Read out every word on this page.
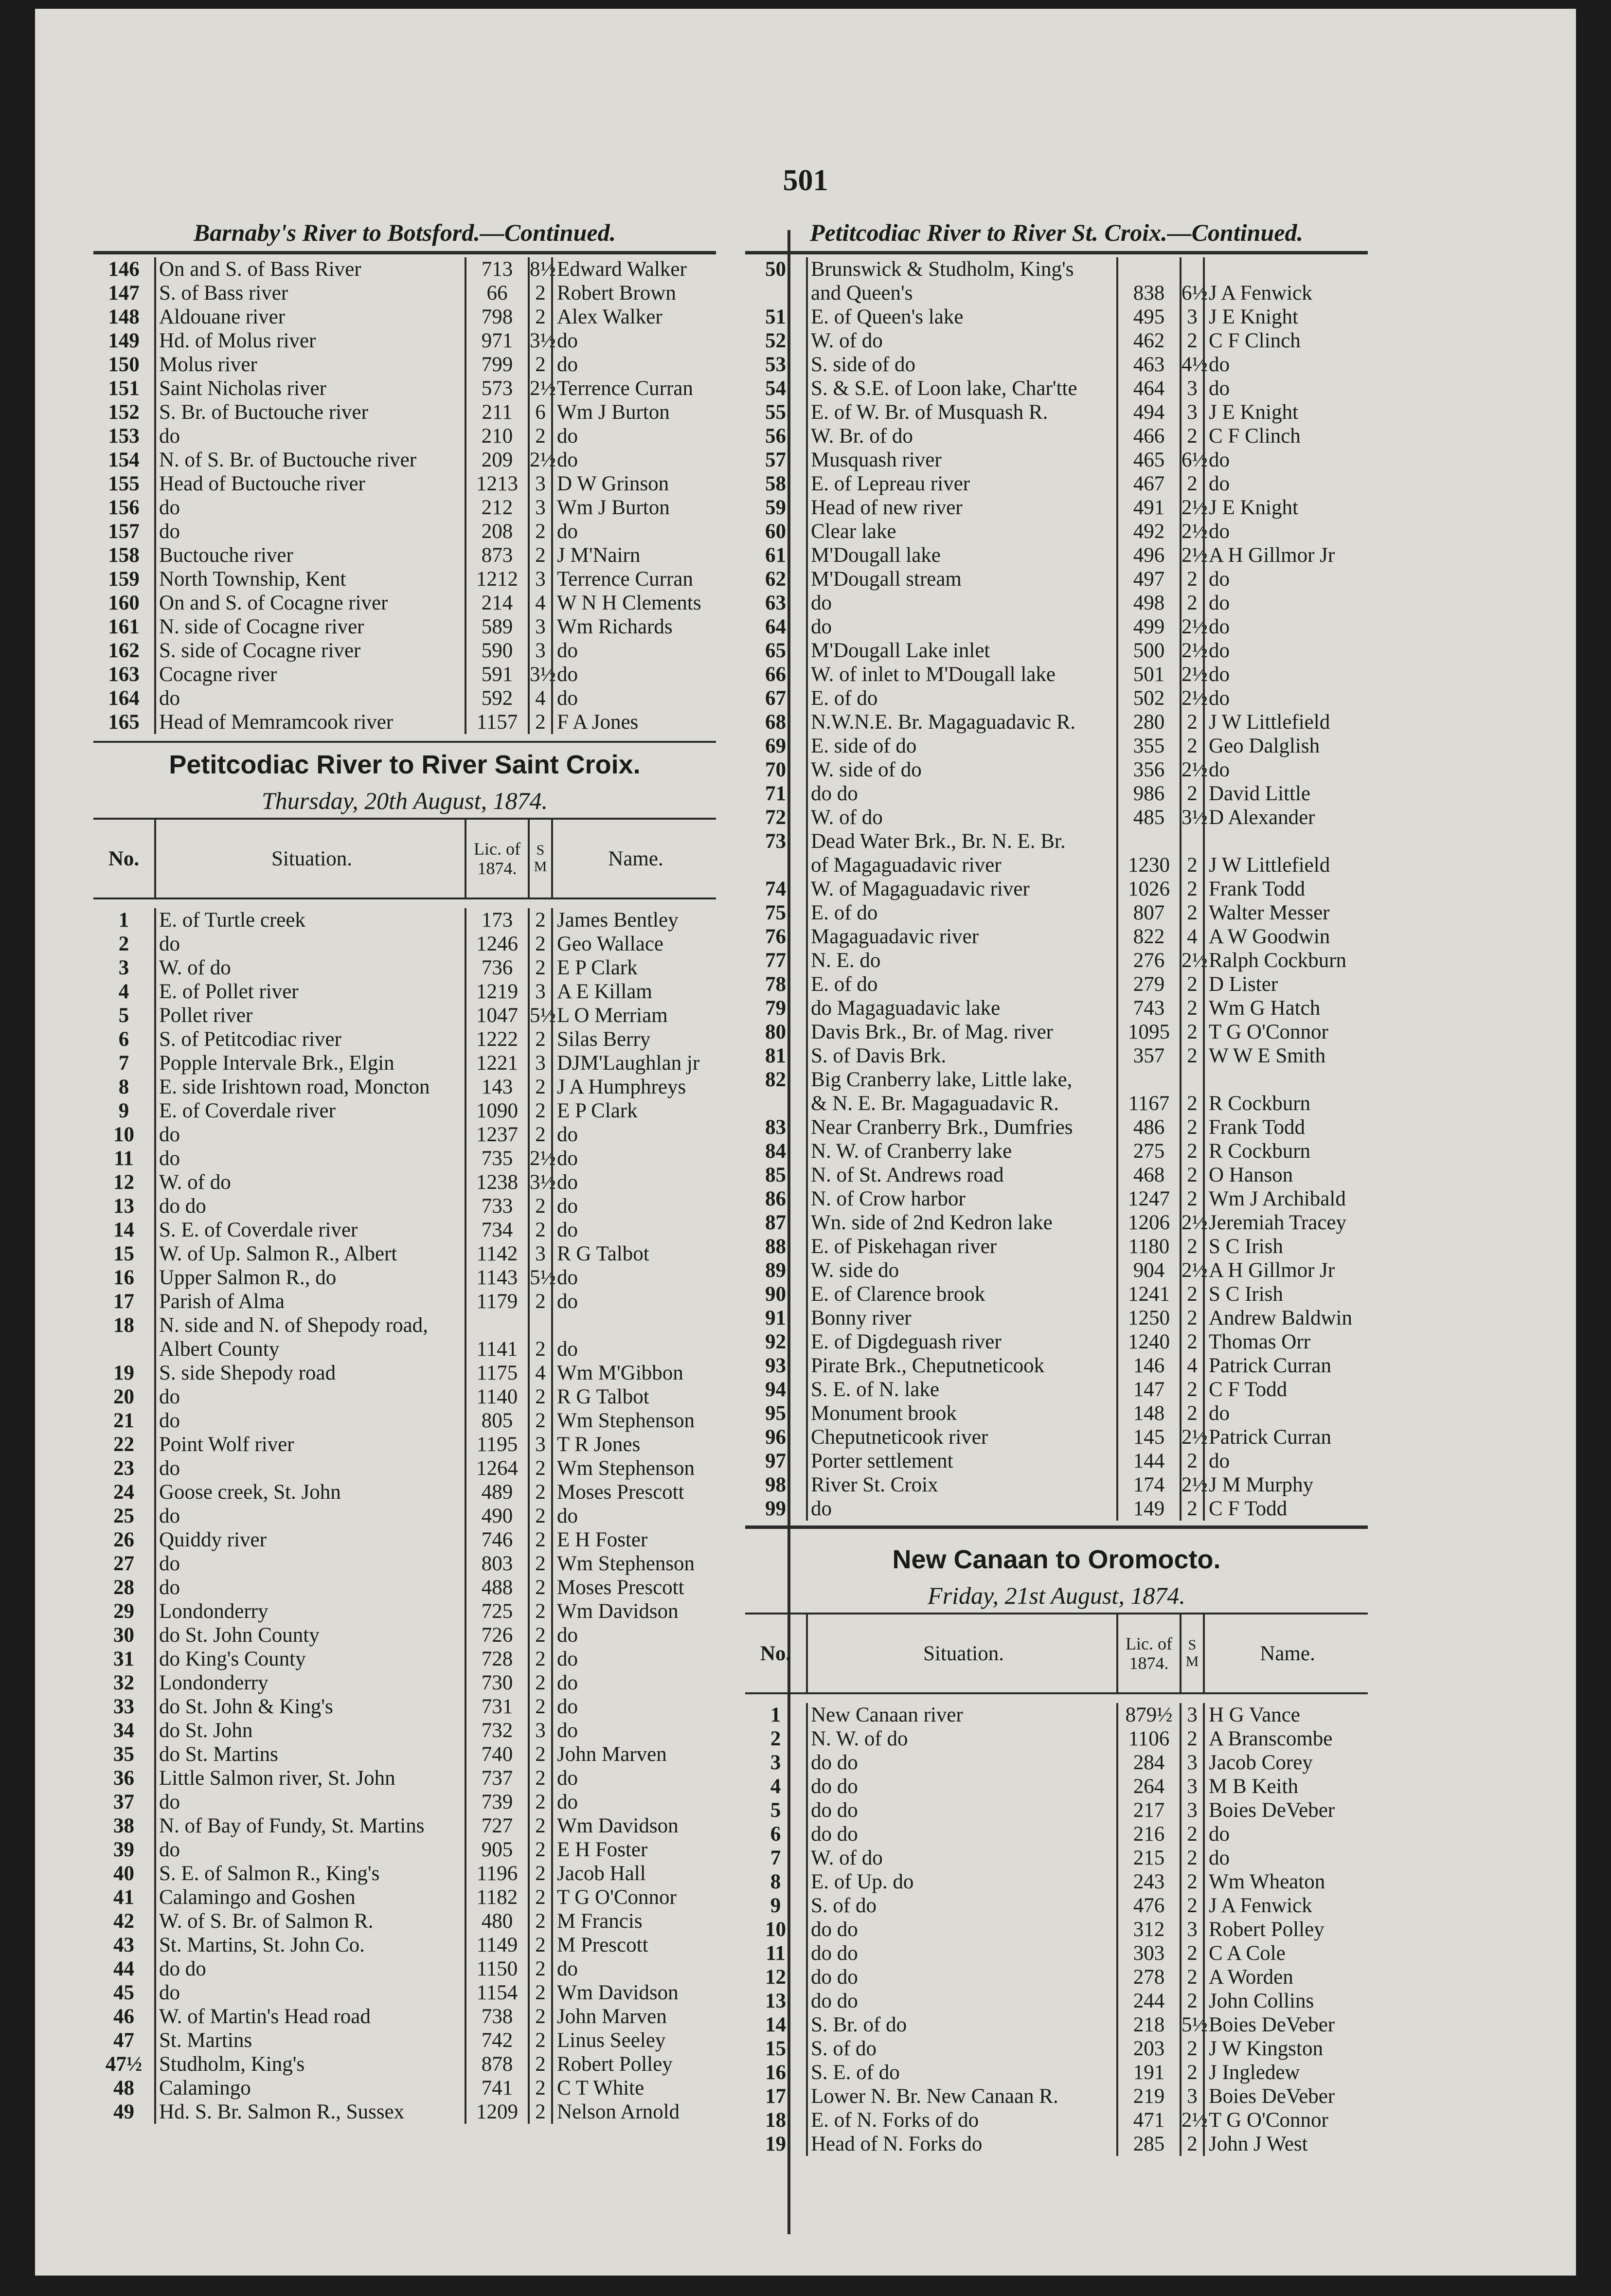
501
Barnaby's River to Botsford.—Continued.
146 On and S. of Bass River	713 8½ Edward Walker
147 S. of Bass river	66	2 Robert Brown
148 Aldouane river	798	2 Alex Walker
149 Hd. of Molus river	971 3½ do
150 Molus river	799	2 do
151 Saint Nicholas river	573 2½ Terrence Curran
152 S. Br. of Buctouche river	211	6 Wm J Burton
153 do	210	2 do
154 N. of S. Br. of Buctouche river	209 2½ do
155 Head of Buctouche river	1213 3 D W Grinson
156 do	212	3 Wm J Burton
157 do	208	2 do
158 Buctouche river	873	2 J M'Nairn
159 North Township, Kent	1212 3 Terrence Curran
160 On and S. of Cocagne river	214	4 W N H Clements
161 N. side of Cocagne river	589	3 Wm Richards
162 S. side of Cocagne river	590	3 do
163 Cocagne river	591 3½ do
164 do	592	4 do
165 Head of Memramcook river	1157 2 F A Jones
Petitcodiac River to River Saint Croix.
Thursday, 20th August, 1874.
No.	Situation.	Lic. of 1874.
S M	Name.
1	E. of Turtle creek	173	2 James Bentley
2	do	1246 2 Geo Wallace
3	W. of do	736	2 E P Clark
4	E. of Pollet river	1219 3 A E Killam
5	Pollet river	1047 5½ L O Merriam
6	S. of Petitcodiac river	1222 2 Silas Berry
7	Popple Intervale Brk., Elgin	1221 3 DJM'Laughlan jr
8	E. side Irishtown road, Moncton	143	2 J A Humphreys
9	E. of Coverdale river	1090 2 E P Clark
10	do	1237 2 do
11	do	735 2½ do
12	W. of do	1238 3½ do
13	do do	733	2 do
14	S. E. of Coverdale river	734	2 do
15	W. of Up. Salmon R., Albert	1142 3 R G Talbot
16	Upper Salmon R., do	1143 5½ do
17	Parish of Alma	1179 2 do
18	N. side and N. of Shepody road,
Albert County	1141 2 do
19	S. side Shepody road	1175 4 Wm M'Gibbon
20	do	1140 2 R G Talbot
21	do	805	2 Wm Stephenson
22	Point Wolf river	1195 3 T R Jones
23	do	1264 2 Wm Stephenson
24	Goose creek, St. John	489	2 Moses Prescott
25	do	490	2 do
26	Quiddy river	746	2 E H Foster
27	do	803	2 Wm Stephenson
28	do	488	2 Moses Prescott
29	Londonderry	725	2 Wm Davidson
30	do St. John County	726	2 do
31	do King's County	728	2 do
32	Londonderry	730	2 do
33	do St. John & King's	731	2 do
34	do St. John	732	3 do
35	do St. Martins	740	2 John Marven
36	Little Salmon river, St. John	737	2 do
37	do	739	2 do
38	N. of Bay of Fundy, St. Martins	727	2 Wm Davidson
39	do	905	2 E H Foster
40	S. E. of Salmon R., King's	1196 2 Jacob Hall
41	Calamingo and Goshen	1182 2 T G O'Connor
42	W. of S. Br. of Salmon R.	480	2 M Francis
43	St. Martins, St. John Co.	1149 2 M Prescott
44	do do	1150 2 do
45	do	1154 2 Wm Davidson
46	W. of Martin's Head road	738	2 John Marven
47	St. Martins	742	2 Linus Seeley
47½ Studholm, King's	878	2 Robert Polley
48	Calamingo	741	2 C T White
49	Hd. S. Br. Salmon R., Sussex	1209 2 Nelson Arnold
Petitcodiac River to River St. Croix.—Continued.
50	Brunswick & Studholm, King's
and Queen's	838 6½ J A Fenwick
51	E. of Queen's lake	495	3 J E Knight
52	W. of do	462	2 C F Clinch
53	S. side of do	463 4½ do
54	S. & S.E. of Loon lake, Char'tte	464	3 do
55	E. of W. Br. of Musquash R.	494	3 J E Knight
56	W. Br. of do	466	2 C F Clinch
57	Musquash river	465 6½ do
58	E. of Lepreau river	467	2 do
59	Head of new river	491 2½ J E Knight
60	Clear lake	492 2½ do
61	M'Dougall lake	496 2½ A H Gillmor Jr
62	M'Dougall stream	497	2 do
63	do	498	2 do
64	do	499 2½ do
65	M'Dougall Lake inlet	500 2½ do
66	W. of inlet to M'Dougall lake	501 2½ do
67	E. of do	502 2½ do
68	N.W.N.E. Br. Magaguadavic R.	280	2 J W Littlefield
69	E. side of do	355	2 Geo Dalglish
70	W. side of do	356 2½ do
71	do do	986	2 David Little
72	W. of do	485 3½ D Alexander
73	Dead Water Brk., Br. N. E. Br.
of Magaguadavic river	1230 2 J W Littlefield
74	W. of Magaguadavic river	1026 2 Frank Todd
75	E. of do	807	2 Walter Messer
76	Magaguadavic river	822	4 A W Goodwin
77	N. E. do	276 2½ Ralph Cockburn
78	E. of do	279	2 D Lister
79	do Magaguadavic lake	743	2 Wm G Hatch
80	Davis Brk., Br. of Mag. river	1095 2 T G O'Connor
81	S. of Davis Brk.	357	2 W W E Smith
82	Big Cranberry lake, Little lake,
& N. E. Br. Magaguadavic R.	1167 2 R Cockburn
83	Near Cranberry Brk., Dumfries	486	2 Frank Todd
84	N. W. of Cranberry lake	275	2 R Cockburn
85	N. of St. Andrews road	468	2 O Hanson
86	N. of Crow harbor	1247 2 Wm J Archibald
87	Wn. side of 2nd Kedron lake	1206 2½ Jeremiah Tracey
88	E. of Piskehagan river	1180 2 S C Irish
89	W. side do	904 2½ A H Gillmor Jr
90	E. of Clarence brook	1241 2 S C Irish
91	Bonny river	1250 2 Andrew Baldwin
92	E. of Digdeguash river	1240 2 Thomas Orr
93	Pirate Brk., Cheputneticook	146	4 Patrick Curran
94	S. E. of N. lake	147	2 C F Todd
95	Monument brook	148	2 do
96	Cheputneticook river	145 2½ Patrick Curran
97	Porter settlement	144	2 do
98	River St. Croix	174 2½ J M Murphy
99	do	149	2 C F Todd
New Canaan to Oromocto.
Friday, 21st August, 1874.
No.	Situation.	Lic. of 1874.
S M	Name.
1	New Canaan river	879½ 3 H G Vance
2	N. W. of do	1106 2 A Branscombe
3	do do	284	3 Jacob Corey
4	do do	264	3 M B Keith
5	do do	217	3 Boies DeVeber
6	do do	216	2 do
7	W. of do	215	2 do
8	E. of Up. do	243	2 Wm Wheaton
9	S. of do	476	2 J A Fenwick
10	do do	312	3 Robert Polley
11	do do	303	2 C A Cole
12	do do	278	2 A Worden
13	do do	244	2 John Collins
14	S. Br. of do	218 5½ Boies DeVeber
15	S. of do	203	2 J W Kingston
16	S. E. of do	191	2 J Ingledew
17	Lower N. Br. New Canaan R.	219	3 Boies DeVeber
18	E. of N. Forks of do	471 2½ T G O'Connor
19	Head of N. Forks do	285	2 John J West
